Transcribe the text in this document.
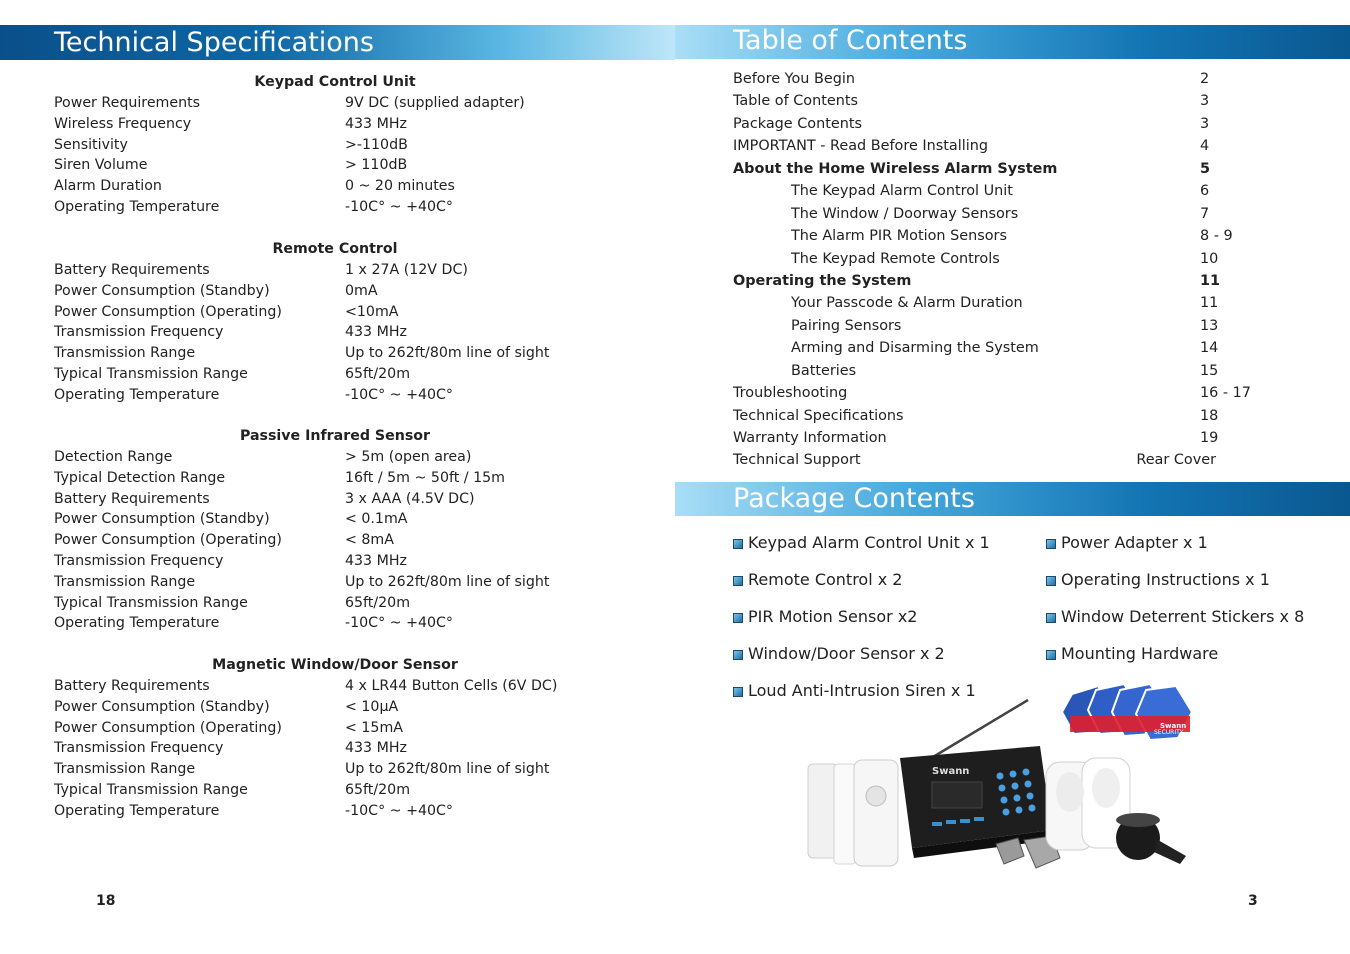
Technical Specifications	Table of Contents
Package Contents
Keypad Control Unit
Power Requirements	9V DC (supplied adapter)
Wireless Frequency	433 MHz
Sensitivity	>-110dB
Siren Volume	> 110dB
Alarm Duration	0 ~ 20 minutes
Operating Temperature	-10C° ~ +40C°
Remote Control
Battery Requirements	1 x 27A (12V DC)
Power Consumption (Standby)	0mA
Power Consumption (Operating)	<10mA
Transmission Frequency	433 MHz
Transmission Range	Up to 262ft/80m line of sight
Typical Transmission Range	65ft/20m
Operating Temperature	-10C° ~ +40C°
Passive Infrared Sensor
Detection Range	> 5m (open area)
Typical Detection Range	16ft / 5m ~ 50ft / 15m
Battery Requirements	3 x AAA (4.5V DC)
Power Consumption (Standby)	< 0.1mA
Power Consumption (Operating)	< 8mA
Transmission Frequency	433 MHz
Transmission Range	Up to 262ft/80m line of sight
Typical Transmission Range	65ft/20m
Operating Temperature	-10C° ~ +40C°
Magnetic Window/Door Sensor
Battery Requirements	4 x LR44 Button Cells (6V DC)
Power Consumption (Standby)	< 10µA
Power Consumption (Operating)	< 15mA
Transmission Frequency	433 MHz
Transmission Range	Up to 262ft/80m line of sight
Typical Transmission Range	65ft/20m
Operating Temperature	-10C° ~ +40C°
Before You Begin	2
Table of Contents	3
Package Contents	3
IMPORTANT - Read Before Installing	4
About the Home Wireless Alarm System	5
The Keypad Alarm Control Unit	6
The Window / Doorway Sensors	7
The Alarm PIR Motion Sensors	8 - 9
The Keypad Remote Controls	10
Operating the System	11
Your Passcode & Alarm Duration	11
Pairing Sensors	13
Arming and Disarming the System	14
Batteries	15
Troubleshooting	16 - 17
Technical Specifications	18
Warranty Information	19
Technical Support	Rear Cover
Keypad Alarm Control Unit x 1
Remote Control x 2
PIR Motion Sensor x2
Window/Door Sensor x 2
Loud Anti-Intrusion Siren x 1
Power Adapter x 1
Operating Instructions x 1
Window Deterrent Stickers x 8
Mounting Hardware
Swann
SECURITY
Swann
18	3
